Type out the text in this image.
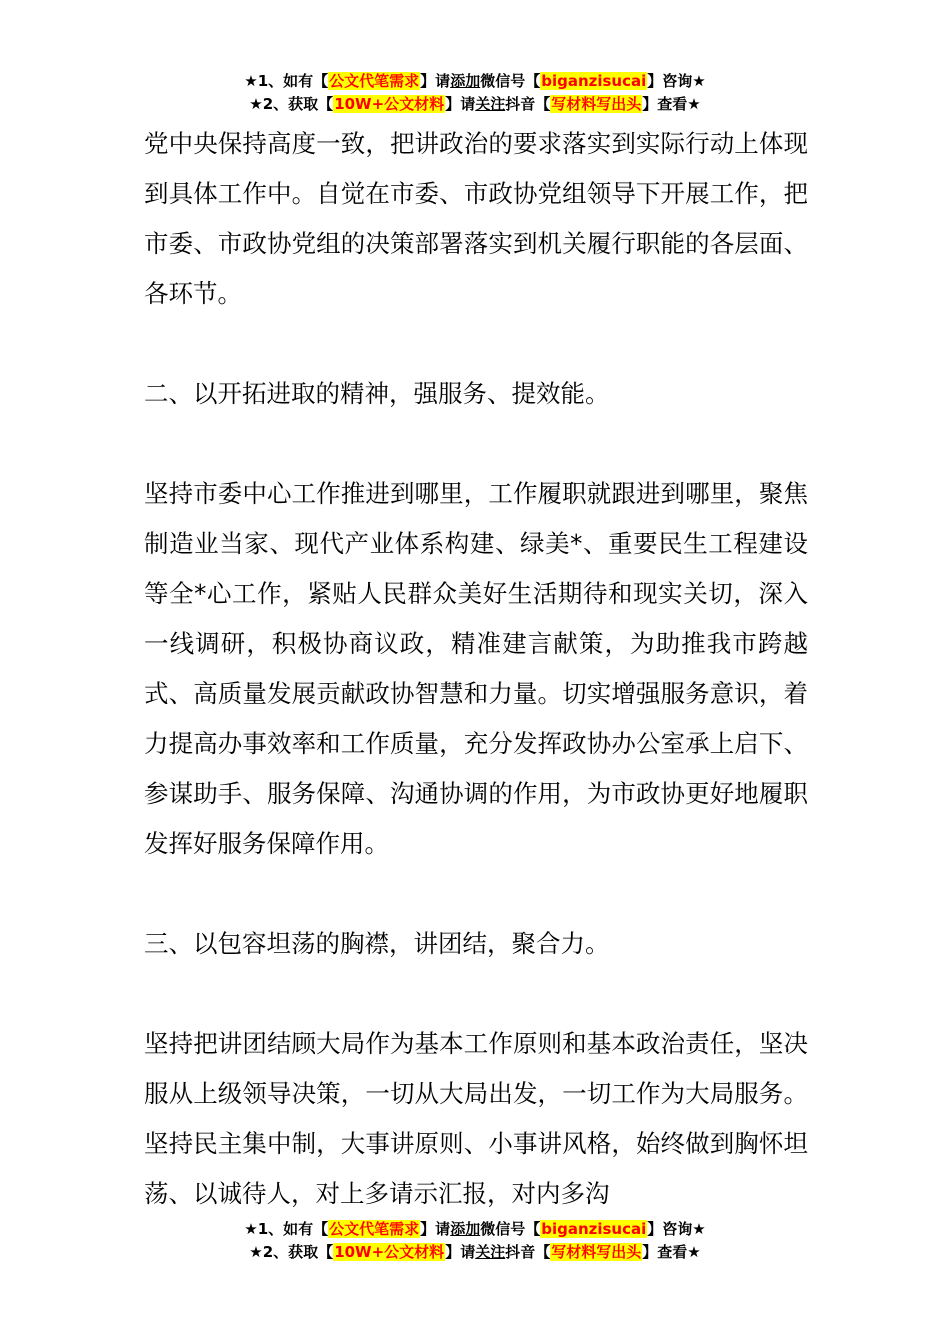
★1、如有【公文代笔需求】请添加微信号【biganzisucai】咨询★
★2、获取【10W+公文材料】请关注抖音【写材料写出头】查看★

党中央保持高度一致，把讲政治的要求落实到实际行动上体现到具体工作中。自觉在市委、市政协党组领导下开展工作，把市委、市政协党组的决策部署落实到机关履行职能的各层面、各环节。

二、以开拓进取的精神，强服务、提效能。

坚持市委中心工作推进到哪里，工作履职就跟进到哪里，聚焦制造业当家、现代产业体系构建、绿美*、重要民生工程建设等全*心工作，紧贴人民群众美好生活期待和现实关切，深入一线调研，积极协商议政，精准建言献策，为助推我市跨越式、高质量发展贡献政协智慧和力量。切实增强服务意识，着力提高办事效率和工作质量，充分发挥政协办公室承上启下、参谋助手、服务保障、沟通协调的作用，为市政协更好地履职发挥好服务保障作用。

三、以包容坦荡的胸襟，讲团结，聚合力。

坚持把讲团结顾大局作为基本工作原则和基本政治责任，坚决服从上级领导决策，一切从大局出发，一切工作为大局服务。坚持民主集中制，大事讲原则、小事讲风格，始终做到胸怀坦荡、以诚待人，对上多请示汇报，对内多沟

★1、如有【公文代笔需求】请添加微信号【biganzisucai】咨询★
★2、获取【10W+公文材料】请关注抖音【写材料写出头】查看★
